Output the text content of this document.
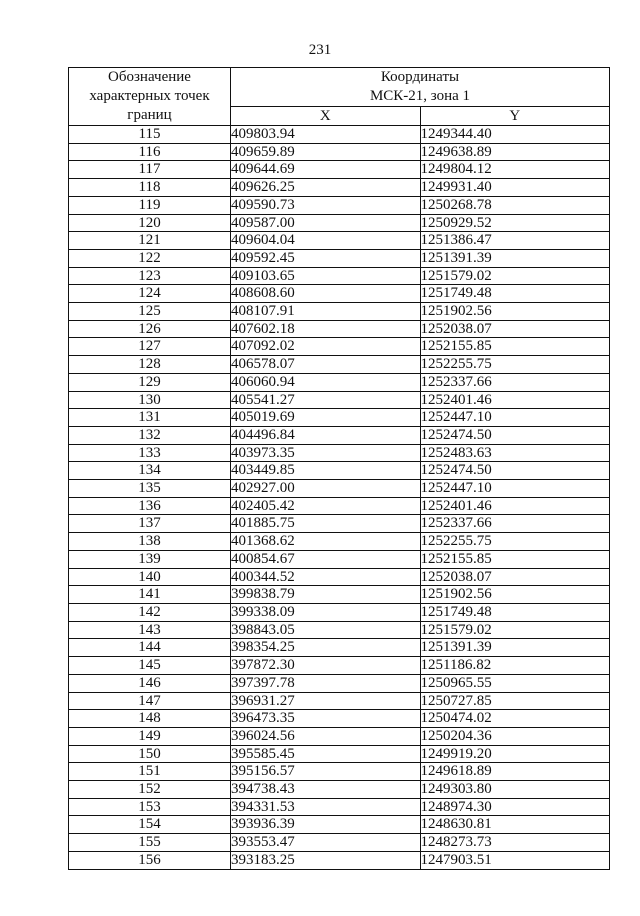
231
Обозначение характерных точек границ	Координаты
МСК-21, зона 1	

	X	Y
115	409803.94	1249344.40
116	409659.89	1249638.89
117	409644.69	1249804.12
118	409626.25	1249931.40
119	409590.73	1250268.78
120	409587.00	1250929.52
121	409604.04	1251386.47
122	409592.45	1251391.39
123	409103.65	1251579.02
124	408608.60	1251749.48
125	408107.91	1251902.56
126	407602.18	1252038.07
127	407092.02	1252155.85
128	406578.07	1252255.75
129	406060.94	1252337.66
130	405541.27	1252401.46
131	405019.69	1252447.10
132	404496.84	1252474.50
133	403973.35	1252483.63
134	403449.85	1252474.50
135	402927.00	1252447.10
136	402405.42	1252401.46
137	401885.75	1252337.66
138	401368.62	1252255.75
139	400854.67	1252155.85
140	400344.52	1252038.07
141	399838.79	1251902.56
142	399338.09	1251749.48
143	398843.05	1251579.02
144	398354.25	1251391.39
145	397872.30	1251186.82
146	397397.78	1250965.55
147	396931.27	1250727.85
148	396473.35	1250474.02
149	396024.56	1250204.36
150	395585.45	1249919.20
151	395156.57	1249618.89
152	394738.43	1249303.80
153	394331.53	1248974.30
154	393936.39	1248630.81
155	393553.47	1248273.73
156	393183.25	1247903.51
